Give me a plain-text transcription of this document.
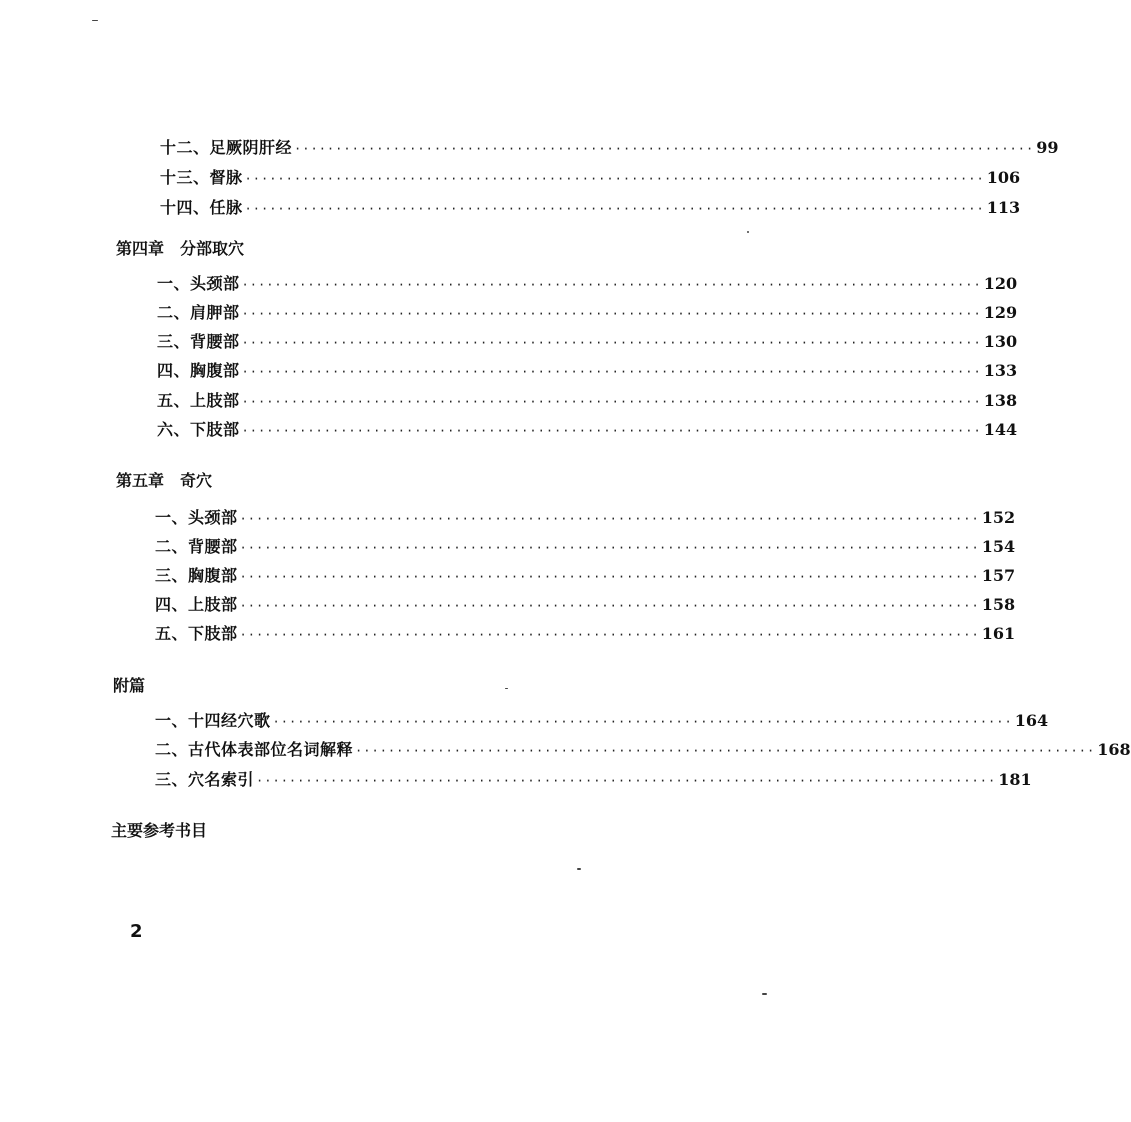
十二、足厥阴肝经 ·························································································· 99
十三、督脉 ·························································································· 106
十四、任脉 ·························································································· 113
第四章　分部取穴
一、头颈部 ·························································································· 120
二、肩胛部 ·························································································· 129
三、背腰部 ·························································································· 130
四、胸腹部 ·························································································· 133
五、上肢部 ·························································································· 138
六、下肢部 ·························································································· 144
第五章　奇穴
一、头颈部 ·························································································· 152
二、背腰部 ·························································································· 154
三、胸腹部 ·························································································· 157
四、上肢部 ·························································································· 158
五、下肢部 ·························································································· 161
附篇
一、十四经穴歌 ·························································································· 164
二、古代体表部位名词解释 ·························································································· 168
三、穴名索引 ·························································································· 181
主要参考书目
2
